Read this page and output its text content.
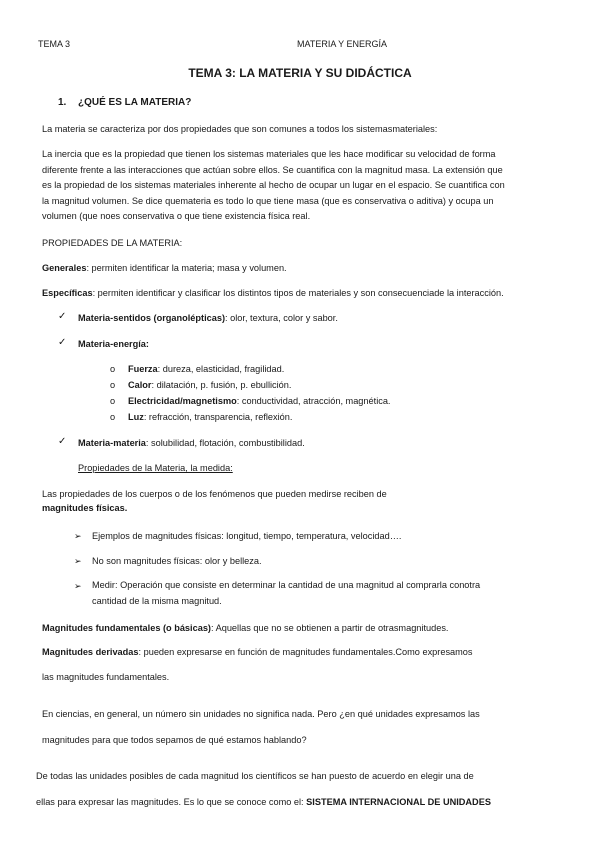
TEMA 3	MATERIA Y ENERGÍA
TEMA 3: LA MATERIA Y SU DIDÁCTICA
1. ¿QUÉ ES LA MATERIA?
La materia se caracteriza por dos propiedades que son comunes a todos los sistemasmateriales:
La inercia que es la propiedad que tienen los sistemas materiales que les hace modificar su velocidad de forma
diferente frente a las interacciones que actúan sobre ellos. Se cuantifica con la magnitud masa. La extensión que
es la propiedad de los sistemas materiales inherente al hecho de ocupar un lugar en el espacio. Se cuantifica con
la magnitud volumen. Se dice quemateria es todo lo que tiene masa (que es conservativa o aditiva) y ocupa un
volumen (que noes conservativa o que tiene existencia física real.
PROPIEDADES DE LA MATERIA:
Generales: permiten identificar la materia; masa y volumen.
Específicas: permiten identificar y clasificar los distintos tipos de materiales y son consecuenciade la interacción.
✓ Materia-sentidos (organolépticas): olor, textura, color y sabor.
✓ Materia-energía:
o Fuerza: dureza, elasticidad, fragilidad.
o Calor: dilatación, p. fusión, p. ebullición.
o Electricidad/magnetismo: conductividad, atracción, magnética.
o Luz: refracción, transparencia, reflexión.
✓ Materia-materia: solubilidad, flotación, combustibilidad.
Propiedades de la Materia, la medida:
Las propiedades de los cuerpos o de los fenómenos que pueden medirse reciben de
magnitudes físicas.
➢ Ejemplos de magnitudes físicas: longitud, tiempo, temperatura, velocidad….
➢ No son magnitudes físicas: olor y belleza.
➢ Medir: Operación que consiste en determinar la cantidad de una magnitud al comprarla conotra
cantidad de la misma magnitud.
Magnitudes fundamentales (o básicas): Aquellas que no se obtienen a partir de otrasmagnitudes.
Magnitudes derivadas: pueden expresarse en función de magnitudes fundamentales.Como expresamos
las magnitudes fundamentales.
En ciencias, en general, un número sin unidades no significa nada. Pero ¿en qué unidades expresamos las
magnitudes para que todos sepamos de qué estamos hablando?
De todas las unidades posibles de cada magnitud los científicos se han puesto de acuerdo en elegir una de
ellas para expresar las magnitudes. Es lo que se conoce como el: SISTEMA INTERNACIONAL DE UNIDADES
